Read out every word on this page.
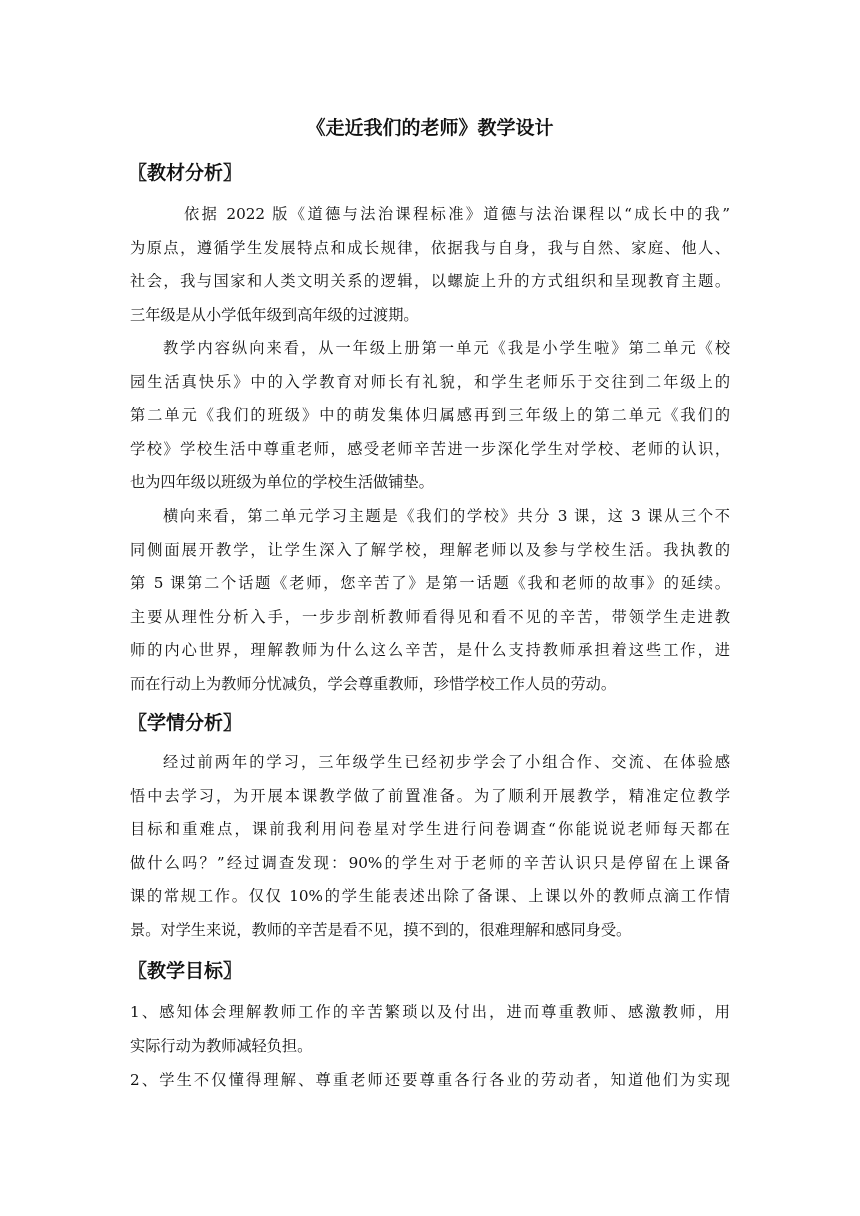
《走近我们的老师》教学设计
〖教材分析〗

依据 2022 版《道德与法治课程标准》道德与法治课程以“成长中的我”
为原点，遵循学生发展特点和成长规律，依据我与自身，我与自然、家庭、他人、
社会，我与国家和人类文明关系的逻辑，以螺旋上升的方式组织和呈现教育主题。
三年级是从小学低年级到高年级的过渡期。

教学内容纵向来看，从一年级上册第一单元《我是小学生啦》第二单元《校
园生活真快乐》中的入学教育对师长有礼貌，和学生老师乐于交往到二年级上的
第二单元《我们的班级》中的萌发集体归属感再到三年级上的第二单元《我们的
学校》学校生活中尊重老师，感受老师辛苦进一步深化学生对学校、老师的认识，
也为四年级以班级为单位的学校生活做铺垫。

横向来看，第二单元学习主题是《我们的学校》共分 3 课，这 3 课从三个不
同侧面展开教学，让学生深入了解学校，理解老师以及参与学校生活。我执教的
第 5 课第二个话题《老师，您辛苦了》是第一话题《我和老师的故事》的延续。
主要从理性分析入手，一步步剖析教师看得见和看不见的辛苦，带领学生走进教
师的内心世界，理解教师为什么这么辛苦，是什么支持教师承担着这些工作，进
而在行动上为教师分忧减负，学会尊重教师，珍惜学校工作人员的劳动。

〖学情分析〗

经过前两年的学习，三年级学生已经初步学会了小组合作、交流、在体验感
悟中去学习，为开展本课教学做了前置准备。为了顺利开展教学，精准定位教学
目标和重难点，课前我利用问卷星对学生进行问卷调查“你能说说老师每天都在
做什么吗？”经过调查发现：90%的学生对于老师的辛苦认识只是停留在上课备
课的常规工作。仅仅 10%的学生能表述出除了备课、上课以外的教师点滴工作情
景。对学生来说，教师的辛苦是看不见，摸不到的，很难理解和感同身受。

〖教学目标〗

1、感知体会理解教师工作的辛苦繁琐以及付出，进而尊重教师、感激教师，用
实际行动为教师减轻负担。

2、学生不仅懂得理解、尊重老师还要尊重各行各业的劳动者，知道他们为实现
